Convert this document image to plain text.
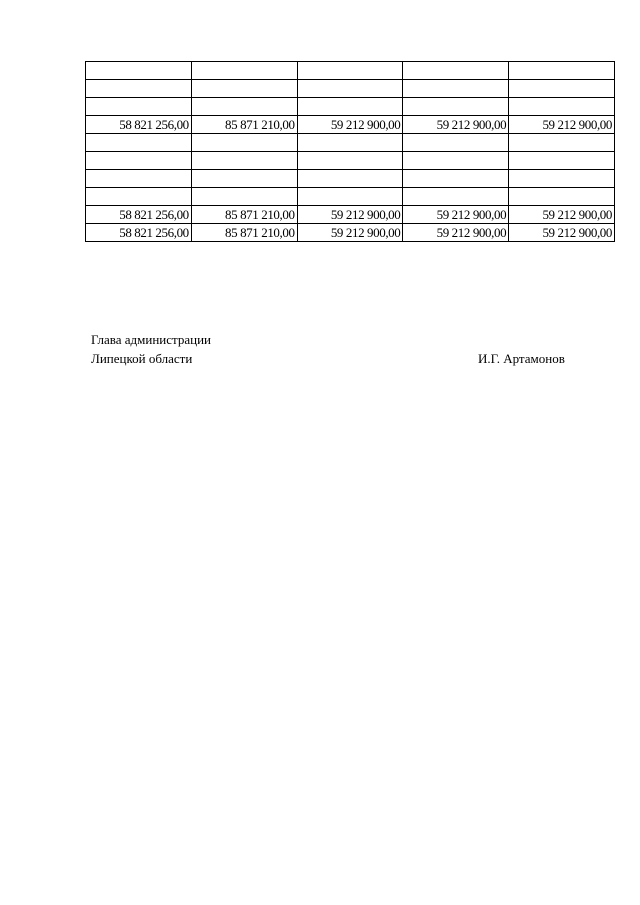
58 821 256,00	85 871 210,00	59 212 900,00	59 212 900,00	59 212 900,00

58 821 256,00	85 871 210,00	59 212 900,00	59 212 900,00	59 212 900,00
58 821 256,00	85 871 210,00	59 212 900,00	59 212 900,00	59 212 900,00
Глава администрации
Липецкой области	И.Г. Артамонов
